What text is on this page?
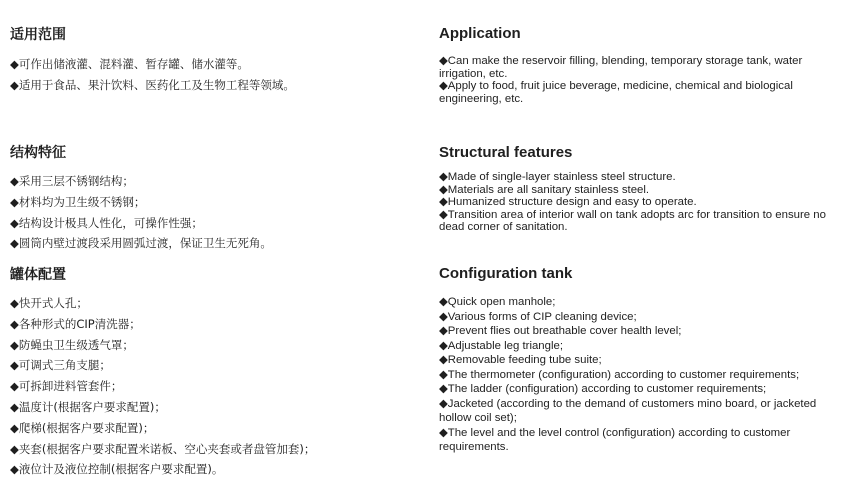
适用范围
◆可作出储液灌、混料灌、暂存罐、储水灌等。
◆适用于食品、果汁饮料、医药化工及生物工程等领域。
结构特征
◆采用三层不锈钢结构；
◆材料均为卫生级不锈钢；
◆结构设计极具人性化，可操作性强；
◆圆筒内壁过渡段采用圆弧过渡，保证卫生无死角。
罐体配置
◆快开式人孔；
◆各种形式的CIP清洗器；
◆防蝇虫卫生级透气罩；
◆可调式三角支腿；
◆可拆卸进料管套件；
◆温度计(根据客户要求配置)；
◆爬梯(根据客户要求配置)；
◆夹套(根据客户要求配置米诺板、空心夹套或者盘管加套)；
◆液位计及液位控制(根据客户要求配置)。
Application
◆Can make the reservoir filling, blending, temporary storage tank, water irrigation, etc.
◆Apply to food, fruit juice beverage, medicine, chemical and biological engineering, etc.
Structural features
◆Made of single-layer stainless steel structure.
◆Materials are all sanitary stainless steel.
◆Humanized structure design and easy to operate.
◆Transition area of interior wall on tank adopts arc for transition to ensure no dead corner of sanitation.
Configuration tank
◆Quick open manhole;
◆Various forms of CIP cleaning device;
◆Prevent flies out breathable cover health level;
◆Adjustable leg triangle;
◆Removable feeding tube suite;
◆The thermometer (configuration) according to customer requirements;
◆The ladder (configuration) according to customer requirements;
◆Jacketed (according to the demand of customers mino board, or jacketed hollow coil set);
◆The level and the level control (configuration) according to customer requirements.
